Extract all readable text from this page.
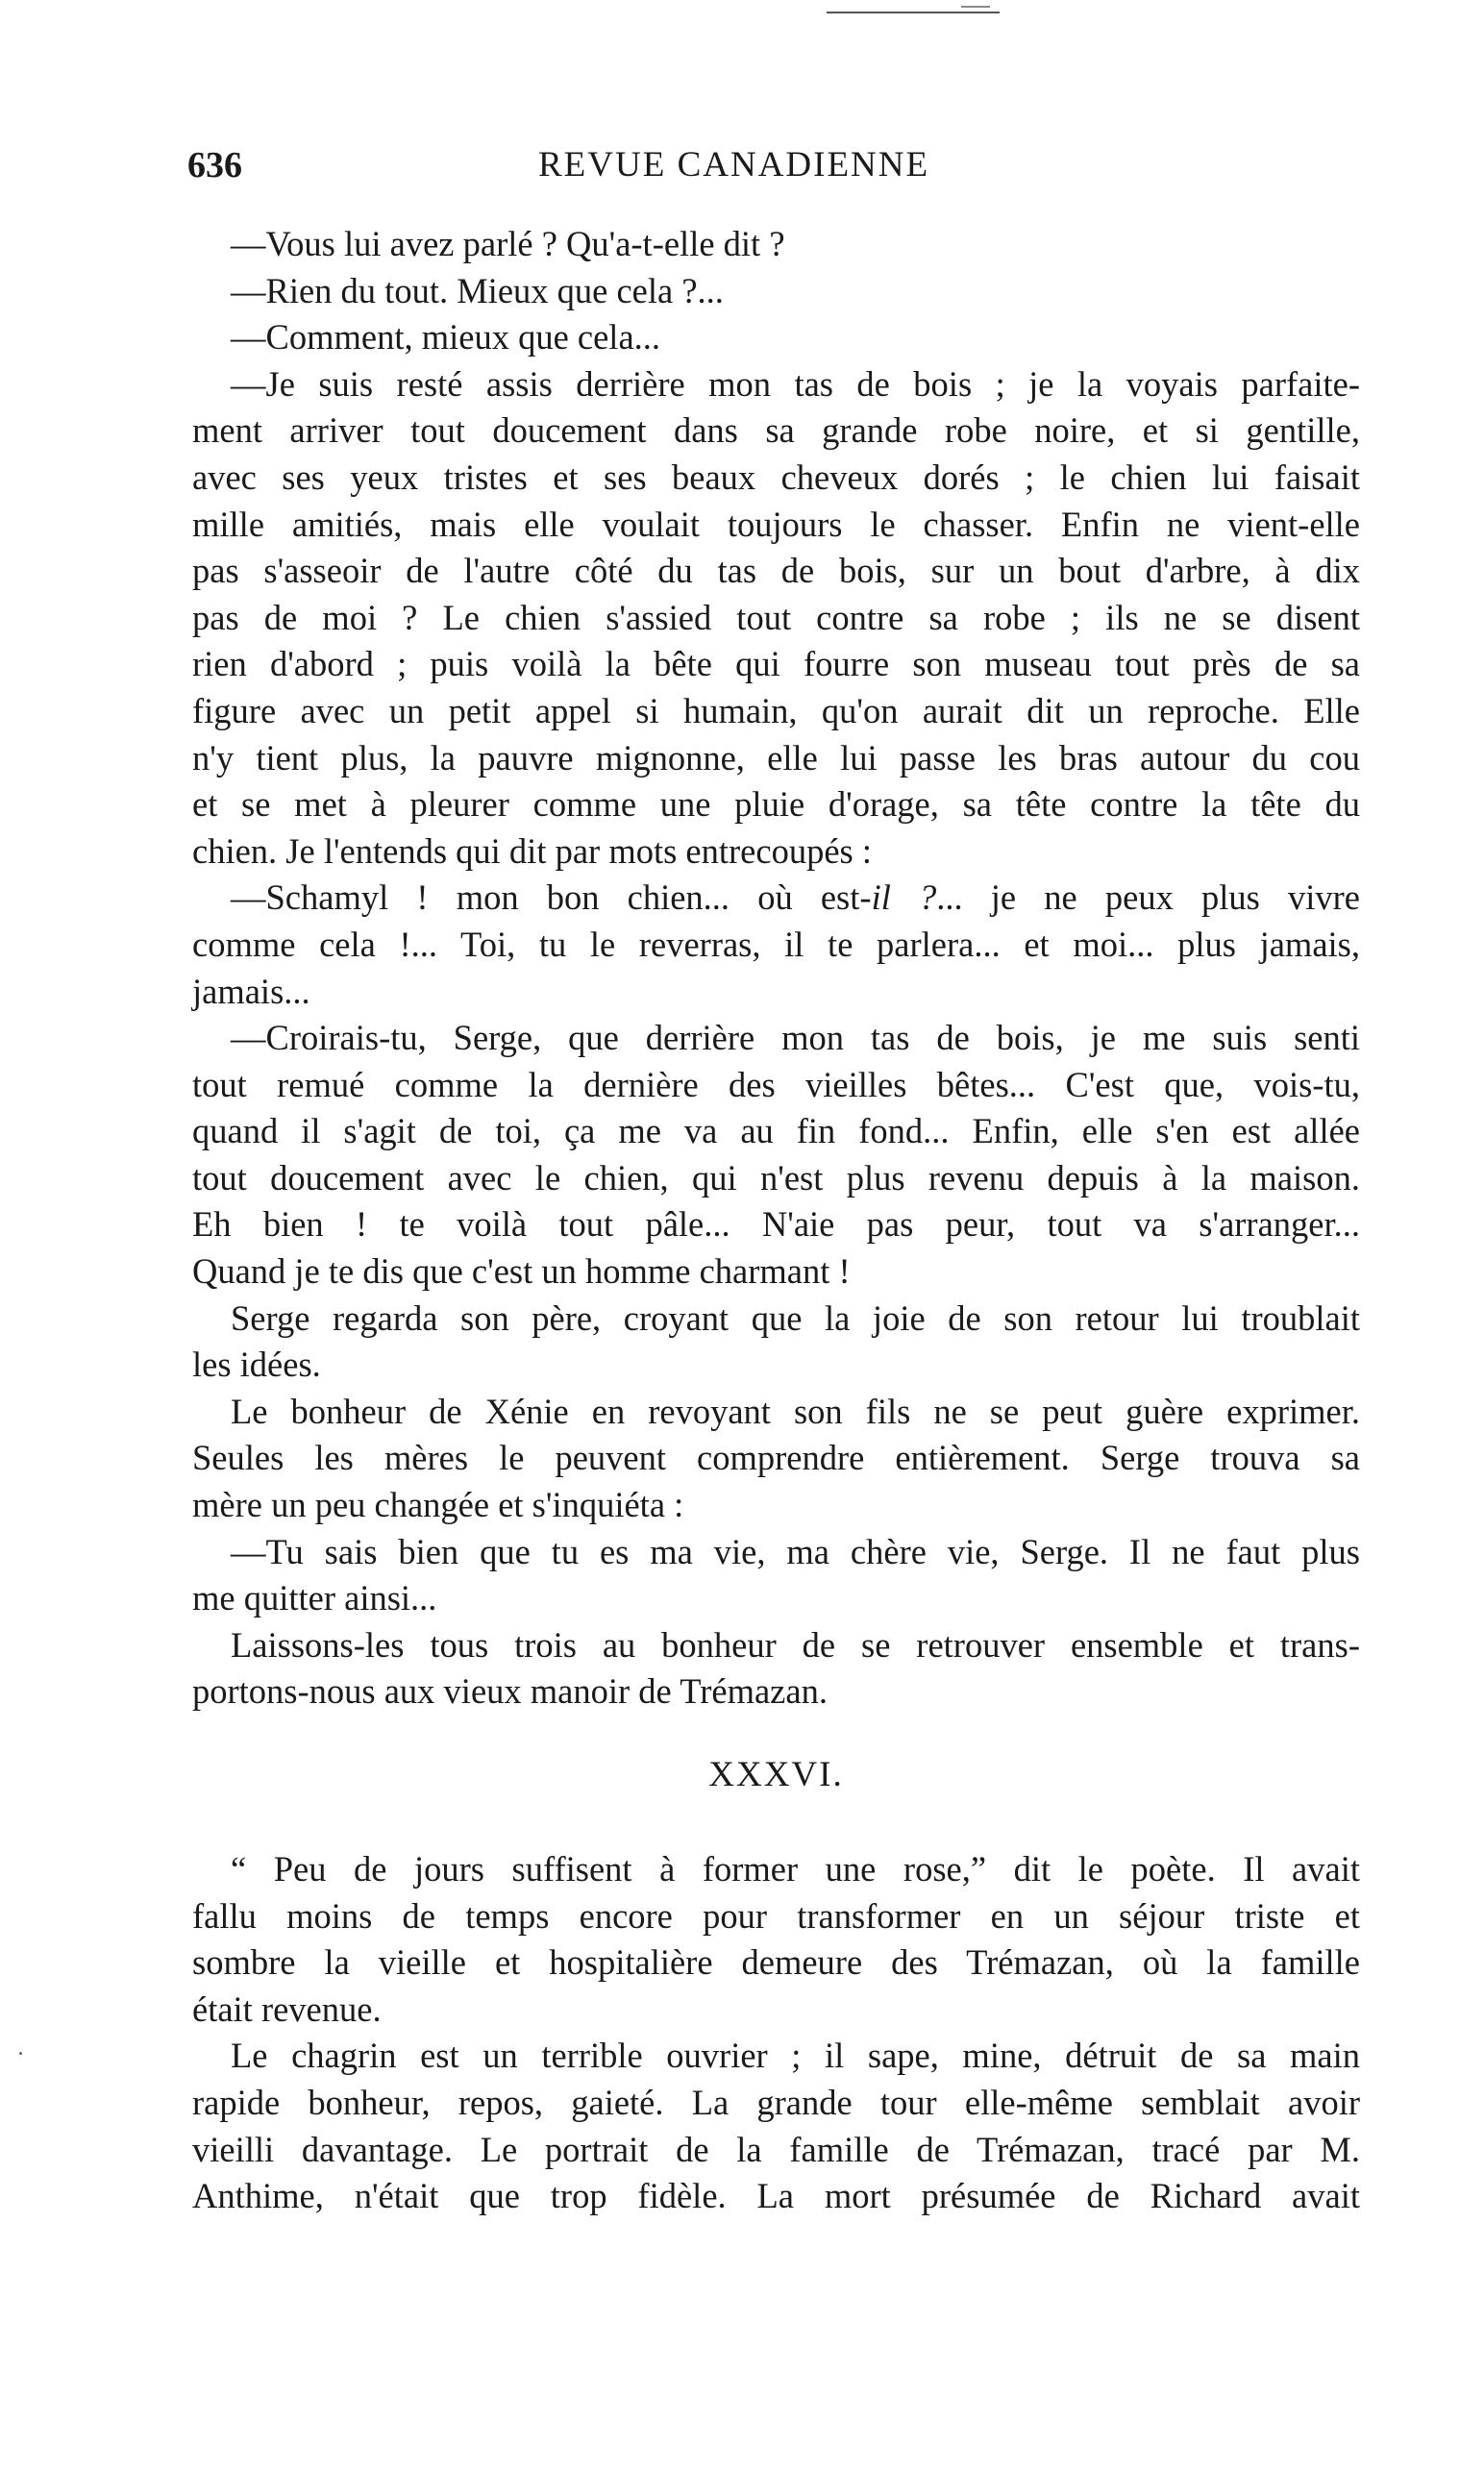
636	REVUE CANADIENNE
—Vous lui avez parlé ? Qu'a-t-elle dit ?
—Rien du tout. Mieux que cela ?...
—Comment, mieux que cela...
—Je suis resté assis derrière mon tas de bois ; je la voyais parfaite-
ment arriver tout doucement dans sa grande robe noire, et si gentille,
avec ses yeux tristes et ses beaux cheveux dorés ; le chien lui faisait
mille amitiés, mais elle voulait toujours le chasser. Enfin ne vient-elle
pas s'asseoir de l'autre côté du tas de bois, sur un bout d'arbre, à dix
pas de moi ? Le chien s'assied tout contre sa robe ; ils ne se disent
rien d'abord ; puis voilà la bête qui fourre son museau tout près de sa
figure avec un petit appel si humain, qu'on aurait dit un reproche. Elle
n'y tient plus, la pauvre mignonne, elle lui passe les bras autour du cou
et se met à pleurer comme une pluie d'orage, sa tête contre la tête du
chien. Je l'entends qui dit par mots entrecoupés :
—Schamyl ! mon bon chien... où est-il ?... je ne peux plus vivre
comme cela !... Toi, tu le reverras, il te parlera... et moi... plus jamais,
jamais...
—Croirais-tu, Serge, que derrière mon tas de bois, je me suis senti
tout remué comme la dernière des vieilles bêtes... C'est que, vois-tu,
quand il s'agit de toi, ça me va au fin fond... Enfin, elle s'en est allée
tout doucement avec le chien, qui n'est plus revenu depuis à la maison.
Eh bien ! te voilà tout pâle... N'aie pas peur, tout va s'arranger...
Quand je te dis que c'est un homme charmant !
Serge regarda son père, croyant que la joie de son retour lui troublait
les idées.
Le bonheur de Xénie en revoyant son fils ne se peut guère exprimer.
Seules les mères le peuvent comprendre entièrement. Serge trouva sa
mère un peu changée et s'inquiéta :
—Tu sais bien que tu es ma vie, ma chère vie, Serge. Il ne faut plus
me quitter ainsi...
Laissons-les tous trois au bonheur de se retrouver ensemble et trans-
portons-nous aux vieux manoir de Trémazan.
XXXVI.
“ Peu de jours suffisent à former une rose,” dit le poète. Il avait
fallu moins de temps encore pour transformer en un séjour triste et
sombre la vieille et hospitalière demeure des Trémazan, où la famille
était revenue.
Le chagrin est un terrible ouvrier ; il sape, mine, détruit de sa main
rapide bonheur, repos, gaieté. La grande tour elle-même semblait avoir
vieilli davantage. Le portrait de la famille de Trémazan, tracé par M.
Anthime, n'était que trop fidèle. La mort présumée de Richard avait
